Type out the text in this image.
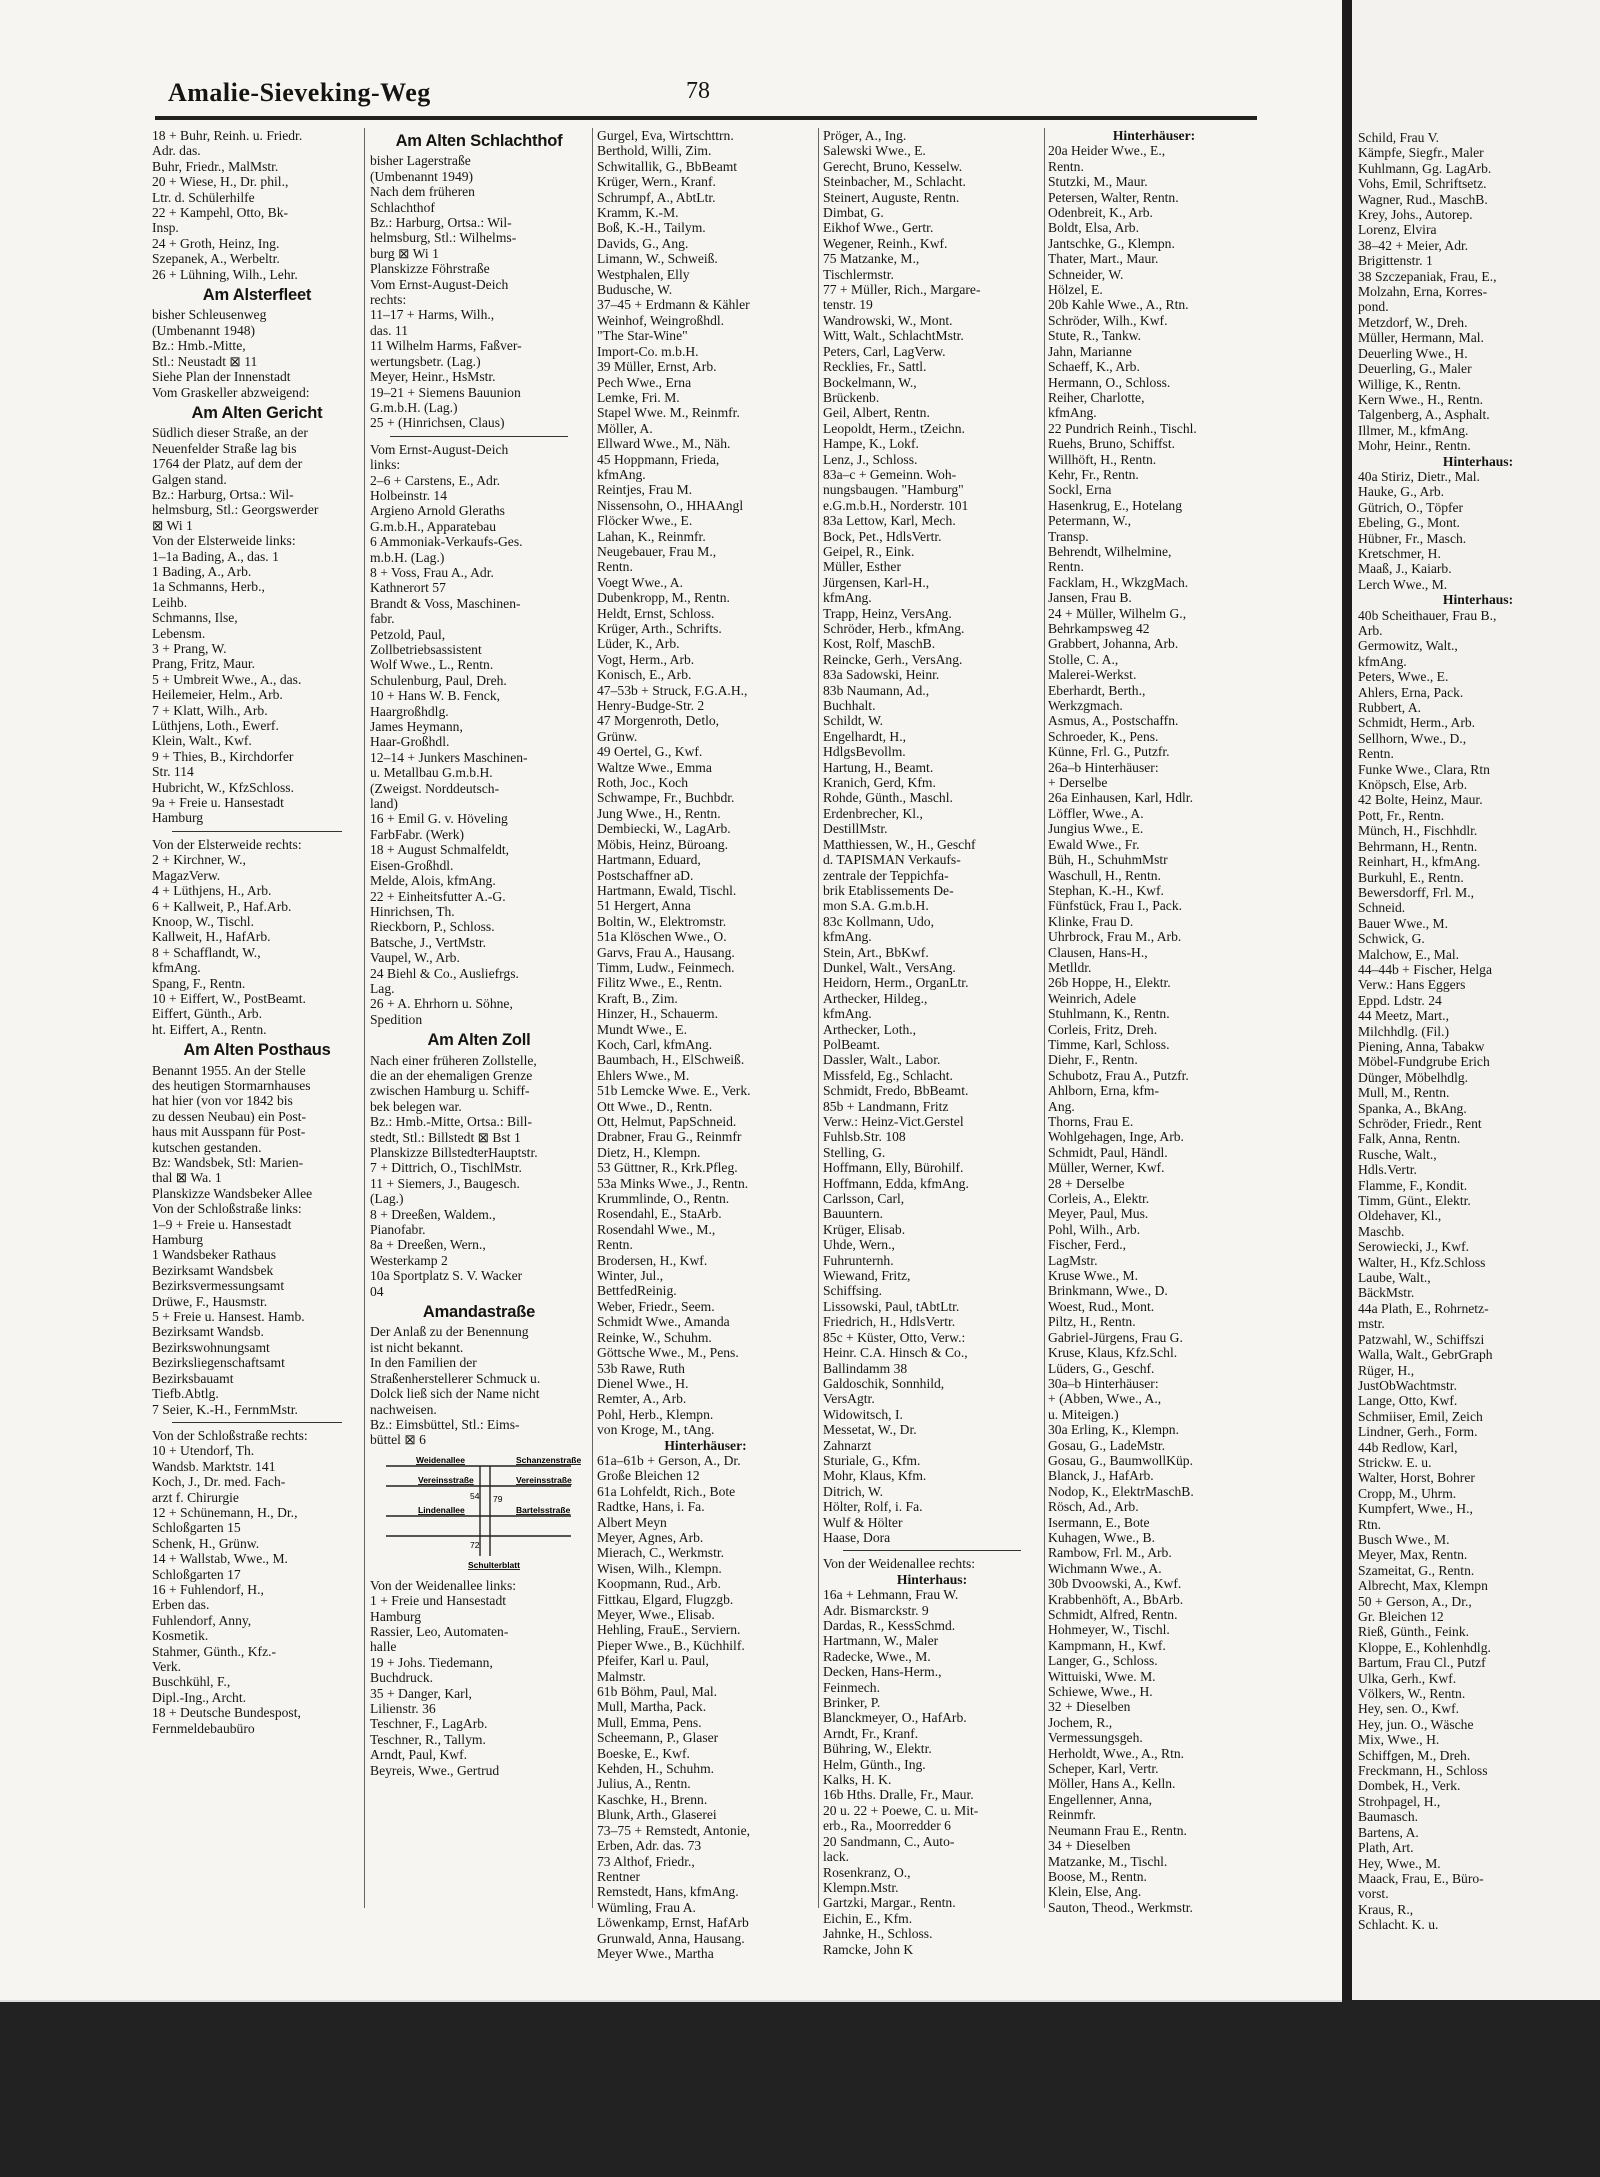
Amalie-Sieveking-Weg	78
18 + Buhr, Reinh. u. Friedr.
Adr. das.
Buhr, Friedr., MalMstr.
20 + Wiese, H., Dr. phil.,
Ltr. d. Schülerhilfe
22 + Kampehl, Otto, Bk-
Insp.
24 + Groth, Heinz, Ing.
Szepanek, A., Werbeltr.
26 + Lühning, Wilh., Lehr.
Am Alsterfleet
bisher Schleusenweg
(Umbenannt 1948)
Bz.: Hmb.-Mitte,
Stl.: Neustadt ⊠ 11
Siehe Plan der Innenstadt
Vom Graskeller abzweigend:
Am Alten Gericht
Südlich dieser Straße, an der
Neuenfelder Straße lag bis
1764 der Platz, auf dem der
Galgen stand.
Bz.: Harburg, Ortsa.: Wil-
helmsburg, Stl.: Georgswerder
⊠ Wi 1
Von der Elsterweide links:
1–1a Bading, A., das. 1
1 Bading, A., Arb.
1a Schmanns, Herb.,
Leihb.
Schmanns, Ilse,
Lebensm.
3 + Prang, W.
Prang, Fritz, Maur.
5 + Umbreit Wwe., A., das.
Heilemeier, Helm., Arb.
7 + Klatt, Wilh., Arb.
Lüthjens, Loth., Ewerf.
Klein, Walt., Kwf.
9 + Thies, B., Kirchdorfer
Str. 114
Hubricht, W., KfzSchloss.
9a + Freie u. Hansestadt
Hamburg
Von der Elsterweide rechts:
2 + Kirchner, W.,
MagazVerw.
4 + Lüthjens, H., Arb.
6 + Kallweit, P., Haf.Arb.
Knoop, W., Tischl.
Kallweit, H., HafArb.
8 + Schafflandt, W.,
kfmAng.
Spang, F., Rentn.
10 + Eiffert, W., PostBeamt.
Eiffert, Günth., Arb.
ht. Eiffert, A., Rentn.
Am Alten Posthaus
Benannt 1955. An der Stelle
des heutigen Stormarnhauses
hat hier (von vor 1842 bis
zu dessen Neubau) ein Post-
haus mit Ausspann für Post-
kutschen gestanden.
Bz: Wandsbek, Stl: Marien-
thal ⊠ Wa. 1
Planskizze Wandsbeker Allee
Von der Schloßstraße links:
1–9 + Freie u. Hansestadt
Hamburg
1 Wandsbeker Rathaus
Bezirksamt Wandsbek
Bezirksvermessungsamt
Drüwe, F., Hausmstr.
5 + Freie u. Hansest. Hamb.
Bezirksamt Wandsb.
Bezirkswohnungsamt
Bezirksliegenschaftsamt
Bezirksbauamt
Tiefb.Abtlg.
7 Seier, K.-H., FernmMstr.
Von der Schloßstraße rechts:
10 + Utendorf, Th.
Wandsb. Marktstr. 141
Koch, J., Dr. med. Fach-
arzt f. Chirurgie
12 + Schünemann, H., Dr.,
Schloßgarten 15
Schenk, H., Grünw.
14 + Wallstab, Wwe., M.
Schloßgarten 17
16 + Fuhlendorf, H.,
Erben das.
Fuhlendorf, Anny,
Kosmetik.
Stahmer, Günth., Kfz.-
Verk.
Buschkühl, F.,
Dipl.-Ing., Archt.
18 + Deutsche Bundespost,
Fernmeldebaubüro
Am Alten Schlachthof
bisher Lagerstraße
(Umbenannt 1949)
Nach dem früheren
Schlachthof
Bz.: Harburg, Ortsa.: Wil-
helmsburg, Stl.: Wilhelms-
burg ⊠ Wi 1
Planskizze Föhrstraße
Vom Ernst-August-Deich
rechts:
11–17 + Harms, Wilh.,
das. 11
11 Wilhelm Harms, Faßver-
wertungsbetr. (Lag.)
Meyer, Heinr., HsMstr.
19–21 + Siemens Bauunion
G.m.b.H. (Lag.)
25 + (Hinrichsen, Claus)
Vom Ernst-August-Deich
links:
2–6 + Carstens, E., Adr.
Holbeinstr. 14
Argieno Arnold Gleraths
G.m.b.H., Apparatebau
6 Ammoniak-Verkaufs-Ges.
m.b.H. (Lag.)
8 + Voss, Frau A., Adr.
Kathnerort 57
Brandt & Voss, Maschinen-
fabr.
Petzold, Paul,
Zollbetriebsassistent
Wolf Wwe., L., Rentn.
Schulenburg, Paul, Dreh.
10 + Hans W. B. Fenck,
Haargroßhdlg.
James Heymann,
Haar-Großhdl.
12–14 + Junkers Maschinen-
u. Metallbau G.m.b.H.
(Zweigst. Norddeutsch-
land)
16 + Emil G. v. Höveling
FarbFabr. (Werk)
18 + August Schmalfeldt,
Eisen-Großhdl.
Melde, Alois, kfmAng.
22 + Einheitsfutter A.-G.
Hinrichsen, Th.
Rieckborn, P., Schloss.
Batsche, J., VertMstr.
Vaupel, W., Arb.
24 Biehl & Co., Ausliefrgs.
Lag.
26 + A. Ehrhorn u. Söhne,
Spedition
Am Alten Zoll
Nach einer früheren Zollstelle,
die an der ehemaligen Grenze
zwischen Hamburg u. Schiff-
bek belegen war.
Bz.: Hmb.-Mitte, Ortsa.: Bill-
stedt, Stl.: Billstedt ⊠ Bst 1
Planskizze BillstedterHauptstr.
7 + Dittrich, O., TischlMstr.
11 + Siemers, J., Baugesch.
(Lag.)
8 + Dreeßen, Waldem.,
Pianofabr.
8a + Dreeßen, Wern.,
Westerkamp 2
10a Sportplatz S. V. Wacker
04
Amandastraße
Der Anlaß zu der Benennung
ist nicht bekannt.
In den Familien der
Straßenherstellerer Schmuck u.
Dolck ließ sich der Name nicht
nachweisen.
Bz.: Eimsbüttel, Stl.: Eims-
büttel ⊠ 6
Weidenallee	Schanzenstraße
Vereinsstraße	Vereinsstraße
Lindenallee	Bartelsstraße
Schulterblatt
54 79
72
Von der Weidenallee links:
1 + Freie und Hansestadt
Hamburg
Rassier, Leo, Automaten-
halle
19 + Johs. Tiedemann,
Buchdruck.
35 + Danger, Karl,
Lilienstr. 36
Teschner, F., LagArb.
Teschner, R., Tallym.
Arndt, Paul, Kwf.
Beyreis, Wwe., Gertrud
Gurgel, Eva, Wirtschttrn.
Berthold, Willi, Zim.
Schwitallik, G., BbBeamt
Krüger, Wern., Kranf.
Schrumpf, A., AbtLtr.
Kramm, K.-M.
Boß, K.-H., Tailym.
Davids, G., Ang.
Limann, W., Schweiß.
Westphalen, Elly
Budusche, W.
37–45 + Erdmann & Kähler
Weinhof, Weingroßhdl.
"The Star-Wine"
Import-Co. m.b.H.
39 Müller, Ernst, Arb.
Pech Wwe., Erna
Lemke, Fri. M.
Stapel Wwe. M., Reinmfr.
Möller, A.
Ellward Wwe., M., Näh.
45 Hoppmann, Frieda,
kfmAng.
Reintjes, Frau M.
Nissensohn, O., HHAAngl
Flöcker Wwe., E.
Lahan, K., Reinmfr.
Neugebauer, Frau M.,
Rentn.
Voegt Wwe., A.
Dubenkropp, M., Rentn.
Heldt, Ernst, Schloss.
Krüger, Arth., Schrifts.
Lüder, K., Arb.
Vogt, Herm., Arb.
Konisch, E., Arb.
47–53b + Struck, F.G.A.H.,
Henry-Budge-Str. 2
47 Morgenroth, Detlo,
Grünw.
49 Oertel, G., Kwf.
Waltze Wwe., Emma
Roth, Joc., Koch
Schwampe, Fr., Buchbdr.
Jung Wwe., H., Rentn.
Dembiecki, W., LagArb.
Möbis, Heinz, Büroang.
Hartmann, Eduard,
Postschaffner aD.
Hartmann, Ewald, Tischl.
51 Hergert, Anna
Boltin, W., Elektromstr.
51a Klöschen Wwe., O.
Garvs, Frau A., Hausang.
Timm, Ludw., Feinmech.
Filitz Wwe., E., Rentn.
Kraft, B., Zim.
Hinzer, H., Schauerm.
Mundt Wwe., E.
Koch, Carl, kfmAng.
Baumbach, H., ElSchweiß.
Ehlers Wwe., M.
51b Lemcke Wwe. E., Verk.
Ott Wwe., D., Rentn.
Ott, Helmut, PapSchneid.
Drabner, Frau G., Reinmfr
Dietz, H., Klempn.
53 Güttner, R., Krk.Pfleg.
53a Minks Wwe., J., Rentn.
Krummlinde, O., Rentn.
Rosendahl, E., StaArb.
Rosendahl Wwe., M.,
Rentn.
Brodersen, H., Kwf.
Winter, Jul.,
BettfedReinig.
Weber, Friedr., Seem.
Schmidt Wwe., Amanda
Reinke, W., Schuhm.
Göttsche Wwe., M., Pens.
53b Rawe, Ruth
Dienel Wwe., H.
Remter, A., Arb.
Pohl, Herb., Klempn.
von Kroge, M., tAng.
Hinterhäuser:
61a–61b + Gerson, A., Dr.
Große Bleichen 12
61a Lohfeldt, Rich., Bote
Radtke, Hans, i. Fa.
Albert Meyn
Meyer, Agnes, Arb.
Mierach, C., Werkmstr.
Wisen, Wilh., Klempn.
Koopmann, Rud., Arb.
Fittkau, Elgard, Flugzgb.
Meyer, Wwe., Elisab.
Hehling, FrauE., Serviern.
Pieper Wwe., B., Küchhilf.
Pfeifer, Karl u. Paul,
Malmstr.
61b Böhm, Paul, Mal.
Mull, Martha, Pack.
Mull, Emma, Pens.
Scheemann, P., Glaser
Boeske, E., Kwf.
Kehden, H., Schuhm.
Julius, A., Rentn.
Kaschke, H., Brenn.
Blunk, Arth., Glaserei
73–75 + Remstedt, Antonie,
Erben, Adr. das. 73
73 Althof, Friedr.,
Rentner
Remstedt, Hans, kfmAng.
Wümling, Frau A.
Löwenkamp, Ernst, HafArb
Grunwald, Anna, Hausang.
Meyer Wwe., Martha
Pröger, A., Ing.
Salewski Wwe., E.
Gerecht, Bruno, Kesselw.
Steinbacher, M., Schlacht.
Steinert, Auguste, Rentn.
Dimbat, G.
Eikhof Wwe., Gertr.
Wegener, Reinh., Kwf.
75 Matzanke, M.,
Tischlermstr.
77 + Müller, Rich., Margare-
tenstr. 19
Wandrowski, W., Mont.
Witt, Walt., SchlachtMstr.
Peters, Carl, LagVerw.
Recklies, Fr., Sattl.
Bockelmann, W.,
Brückenb.
Geil, Albert, Rentn.
Leopoldt, Herm., tZeichn.
Hampe, K., Lokf.
Lenz, J., Schloss.
83a–c + Gemeinn. Woh-
nungsbaugen. "Hamburg"
e.G.m.b.H., Norderstr. 101
83a Lettow, Karl, Mech.
Bock, Pet., HdlsVertr.
Geipel, R., Eink.
Müller, Esther
Jürgensen, Karl-H.,
kfmAng.
Trapp, Heinz, VersAng.
Schröder, Herb., kfmAng.
Kost, Rolf, MaschB.
Reincke, Gerh., VersAng.
83a Sadowski, Heinr.
83b Naumann, Ad.,
Buchhalt.
Schildt, W.
Engelhardt, H.,
HdlgsBevollm.
Hartung, H., Beamt.
Kranich, Gerd, Kfm.
Rohde, Günth., Maschl.
Erdenbrecher, Kl.,
DestillMstr.
Matthiessen, W., H., Geschf
d. TAPISMAN Verkaufs-
zentrale der Teppichfa-
brik Etablissements De-
mon S.A. G.m.b.H.
83c Kollmann, Udo,
kfmAng.
Stein, Art., BbKwf.
Dunkel, Walt., VersAng.
Heidorn, Herm., OrganLtr.
Arthecker, Hildeg.,
kfmAng.
Arthecker, Loth.,
PolBeamt.
Dassler, Walt., Labor.
Missfeld, Eg., Schlacht.
Schmidt, Fredo, BbBeamt.
85b + Landmann, Fritz
Verw.: Heinz-Vict.Gerstel
Fuhlsb.Str. 108
Stelling, G.
Hoffmann, Elly, Bürohilf.
Hoffmann, Edda, kfmAng.
Carlsson, Carl,
Bauuntern.
Krüger, Elisab.
Uhde, Wern.,
Fuhrunternh.
Wiewand, Fritz,
Schiffsing.
Lissowski, Paul, tAbtLtr.
Friedrich, H., HdlsVertr.
85c + Küster, Otto, Verw.:
Heinr. C.A. Hinsch & Co.,
Ballindamm 38
Galdoschik, Sonnhild,
VersAgtr.
Widowitsch, I.
Messetat, W., Dr.
Zahnarzt
Sturiale, G., Kfm.
Mohr, Klaus, Kfm.
Ditrich, W.
Hölter, Rolf, i. Fa.
Wulf & Hölter
Haase, Dora
Von der Weidenallee rechts:
Hinterhaus:
16a + Lehmann, Frau W.
Adr. Bismarckstr. 9
Dardas, R., KessSchmd.
Hartmann, W., Maler
Radecke, Wwe., M.
Decken, Hans-Herm.,
Feinmech.
Brinker, P.
Blanckmeyer, O., HafArb.
Arndt, Fr., Kranf.
Bühring, W., Elektr.
Helm, Günth., Ing.
Kalks, H. K.
16b Hths. Dralle, Fr., Maur.
20 u. 22 + Poewe, C. u. Mit-
erb., Ra., Moorredder 6
20 Sandmann, C., Auto-
lack.
Rosenkranz, O.,
Klempn.Mstr.
Gartzki, Margar., Rentn.
Eichin, E., Kfm.
Jahnke, H., Schloss.
Ramcke, John K
Hinterhäuser:
20a Heider Wwe., E.,
Rentn.
Stutzki, M., Maur.
Petersen, Walter, Rentn.
Odenbreit, K., Arb.
Boldt, Elsa, Arb.
Jantschke, G., Klempn.
Thater, Mart., Maur.
Schneider, W.
Hölzel, E.
20b Kahle Wwe., A., Rtn.
Schröder, Wilh., Kwf.
Stute, R., Tankw.
Jahn, Marianne
Schaeff, K., Arb.
Hermann, O., Schloss.
Reiher, Charlotte,
kfmAng.
22 Pundrich Reinh., Tischl.
Ruehs, Bruno, Schiffst.
Willhöft, H., Rentn.
Kehr, Fr., Rentn.
Sockl, Erna
Hasenkrug, E., Hotelang
Petermann, W.,
Transp.
Behrendt, Wilhelmine,
Rentn.
Facklam, H., WkzgMach.
Jansen, Frau B.
24 + Müller, Wilhelm G.,
Behrkampsweg 42
Grabbert, Johanna, Arb.
Stolle, C. A.,
Malerei-Werkst.
Eberhardt, Berth.,
Werkzgmach.
Asmus, A., Postschaffn.
Schroeder, K., Pens.
Künne, Frl. G., Putzfr.
26a–b Hinterhäuser:
+ Derselbe
26a Einhausen, Karl, Hdlr.
Löffler, Wwe., A.
Jungius Wwe., E.
Ewald Wwe., Fr.
Büh, H., SchuhmMstr
Waschull, H., Rentn.
Stephan, K.-H., Kwf.
Fünfstück, Frau I., Pack.
Klinke, Frau D.
Uhrbrock, Frau M., Arb.
Clausen, Hans-H.,
Metlldr.
26b Hoppe, H., Elektr.
Weinrich, Adele
Stuhlmann, K., Rentn.
Corleis, Fritz, Dreh.
Timme, Karl, Schloss.
Diehr, F., Rentn.
Schubotz, Frau A., Putzfr.
Ahlborn, Erna, kfm-
Ang.
Thorns, Frau E.
Wohlgehagen, Inge, Arb.
Schmidt, Paul, Händl.
Müller, Werner, Kwf.
28 + Derselbe
Corleis, A., Elektr.
Meyer, Paul, Mus.
Pohl, Wilh., Arb.
Fischer, Ferd.,
LagMstr.
Kruse Wwe., M.
Brinkmann, Wwe., D.
Woest, Rud., Mont.
Piltz, H., Rentn.
Gabriel-Jürgens, Frau G.
Kruse, Klaus, Kfz.Schl.
Lüders, G., Geschf.
30a–b Hinterhäuser:
+ (Abben, Wwe., A.,
u. Miteigen.)
30a Erling, K., Klempn.
Gosau, G., LadeMstr.
Gosau, G., BaumwollKüp.
Blanck, J., HafArb.
Nodop, K., ElektrMaschB.
Rösch, Ad., Arb.
Isermann, E., Bote
Kuhagen, Wwe., B.
Rambow, Frl. M., Arb.
Wichmann Wwe., A.
30b Dvoowski, A., Kwf.
Krabbenhöft, A., BbArb.
Schmidt, Alfred, Rentn.
Hohmeyer, W., Tischl.
Kampmann, H., Kwf.
Langer, G., Schloss.
Wittuiski, Wwe. M.
Schiewe, Wwe., H.
32 + Dieselben
Jochem, R.,
Vermessungsgeh.
Herholdt, Wwe., A., Rtn.
Scheper, Karl, Vertr.
Möller, Hans A., Kelln.
Engellenner, Anna,
Reinmfr.
Neumann Frau E., Rentn.
34 + Dieselben
Matzanke, M., Tischl.
Boose, M., Rentn.
Klein, Else, Ang.
Sauton, Theod., Werkmstr.
Schild, Frau V.
Kämpfe, Siegfr., Maler
Kuhlmann, Gg. LagArb.
Vohs, Emil, Schriftsetz.
Wagner, Rud., MaschB.
Krey, Johs., Autorep.
Lorenz, Elvira
38–42 + Meier, Adr.
Brigittenstr. 1
38 Szczepaniak, Frau, E.,
Molzahn, Erna, Korres-
pond.
Metzdorf, W., Dreh.
Müller, Hermann, Mal.
Deuerling Wwe., H.
Deuerling, G., Maler
Willige, K., Rentn.
Kern Wwe., H., Rentn.
Talgenberg, A., Asphalt.
Illmer, M., kfmAng.
Mohr, Heinr., Rentn.
Hinterhaus:
40a Stiriz, Dietr., Mal.
Hauke, G., Arb.
Gütrich, O., Töpfer
Ebeling, G., Mont.
Hübner, Fr., Masch.
Kretschmer, H.
Maaß, J., Kaiarb.
Lerch Wwe., M.
Hinterhaus:
40b Scheithauer, Frau B.,
Arb.
Germowitz, Walt.,
kfmAng.
Peters, Wwe., E.
Ahlers, Erna, Pack.
Rubbert, A.
Schmidt, Herm., Arb.
Sellhorn, Wwe., D.,
Rentn.
Funke Wwe., Clara, Rtn
Knöpsch, Else, Arb.
42 Bolte, Heinz, Maur.
Pott, Fr., Rentn.
Münch, H., Fischhdlr.
Behrmann, H., Rentn.
Reinhart, H., kfmAng.
Burkuhl, E., Rentn.
Bewersdorff, Frl. M.,
Schneid.
Bauer Wwe., M.
Schwick, G.
Malchow, E., Mal.
44–44b + Fischer, Helga
Verw.: Hans Eggers
Eppd. Ldstr. 24
44 Meetz, Mart.,
Milchhdlg. (Fil.)
Piening, Anna, Tabakw
Möbel-Fundgrube Erich
Dünger, Möbelhdlg.
Mull, M., Rentn.
Spanka, A., BkAng.
Schröder, Friedr., Rent
Falk, Anna, Rentn.
Rusche, Walt.,
Hdls.Vertr.
Flamme, F., Kondit.
Timm, Günt., Elektr.
Oldehaver, Kl.,
Maschb.
Serowiecki, J., Kwf.
Walter, H., Kfz.Schloss
Laube, Walt.,
BäckMstr.
44a Plath, E., Rohrnetz-
mstr.
Patzwahl, W., Schiffszi
Walla, Walt., GebrGraph
Rüger, H.,
JustObWachtmstr.
Lange, Otto, Kwf.
Schmiiser, Emil, Zeich
Lindner, Gerh., Form.
44b Redlow, Karl,
Strickw. E. u.
Walter, Horst, Bohrer
Cropp, M., Uhrm.
Kumpfert, Wwe., H.,
Rtn.
Busch Wwe., M.
Meyer, Max, Rentn.
Szameitat, G., Rentn.
Albrecht, Max, Klempn
50 + Gerson, A., Dr.,
Gr. Bleichen 12
Rieß, Günth., Feink.
Kloppe, E., Kohlenhdlg.
Bartum, Frau Cl., Putzf
Ulka, Gerh., Kwf.
Völkers, W., Rentn.
Hey, sen. O., Kwf.
Hey, jun. O., Wäsche
Mix, Wwe., H.
Schiffgen, M., Dreh.
Freckmann, H., Schloss
Dombek, H., Verk.
Strohpagel, H.,
Baumasch.
Bartens, A.
Plath, Art.
Hey, Wwe., M.
Maack, Frau, E., Büro-
vorst.
Kraus, R.,
Schlacht. K. u.
